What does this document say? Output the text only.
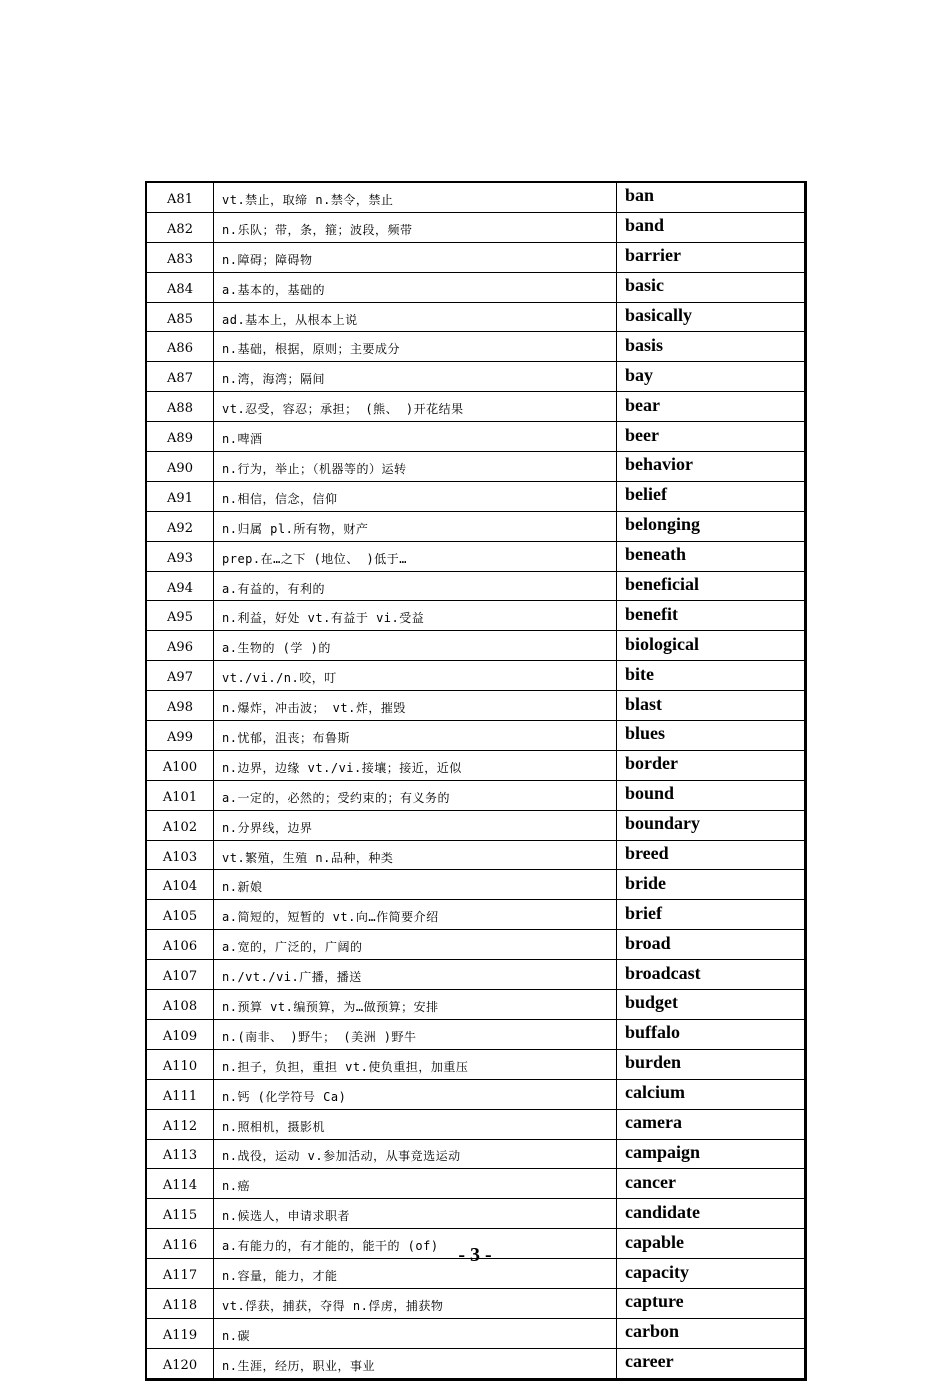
A81	vt.禁止，取缔 n.禁令，禁止	ban
A82	n.乐队；带，条，箍；波段，频带	band
A83	n.障碍；障碍物	barrier
A84	a.基本的，基础的	basic
A85	ad.基本上，从根本上说	basically
A86	n.基础，根据，原则；主要成分	basis
A87	n.湾，海湾；隔间	bay
A88	vt.忍受，容忍；承担； (熊、 )开花结果	bear
A89	n.啤酒	beer
A90	n.行为，举止；（机器等的）运转	behavior
A91	n.相信，信念，信仰	belief
A92	n.归属 pl.所有物，财产	belonging
A93	prep.在…之下 (地位、 )低于…	beneath
A94	a.有益的，有利的	beneficial
A95	n.利益，好处 vt.有益于 vi.受益	benefit
A96	a.生物的 (学 )的	biological
A97	vt./vi./n.咬，叮	bite
A98	n.爆炸，冲击波； vt.炸，摧毁	blast
A99	n.忧郁，沮丧；布鲁斯	blues
A100	n.边界，边缘 vt./vi.接壤；接近，近似	border
A101	a.一定的，必然的；受约束的；有义务的	bound
A102	n.分界线，边界	boundary
A103	vt.繁殖，生殖 n.品种，种类	breed
A104	n.新娘	bride
A105	a.简短的，短暂的 vt.向…作简要介绍	brief
A106	a.宽的，广泛的，广阔的	broad
A107	n./vt./vi.广播，播送	broadcast
A108	n.预算 vt.编预算，为…做预算；安排	budget
A109	n.(南非、 )野牛； (美洲 )野牛	buffalo
A110	n.担子，负担，重担 vt.使负重担，加重压	burden
A111	n.钙 (化学符号 Ca)	calcium
A112	n.照相机，摄影机	camera
A113	n.战役，运动 v.参加活动，从事竞选运动	campaign
A114	n.癌	cancer
A115	n.候选人，申请求职者	candidate
A116	a.有能力的，有才能的，能干的 (of)	capable
A117	n.容量，能力，才能	capacity
A118	vt.俘获，捕获，夺得 n.俘虏，捕获物	capture
A119	n.碳	carbon
A120	n.生涯，经历，职业，事业	career
- 3 -
